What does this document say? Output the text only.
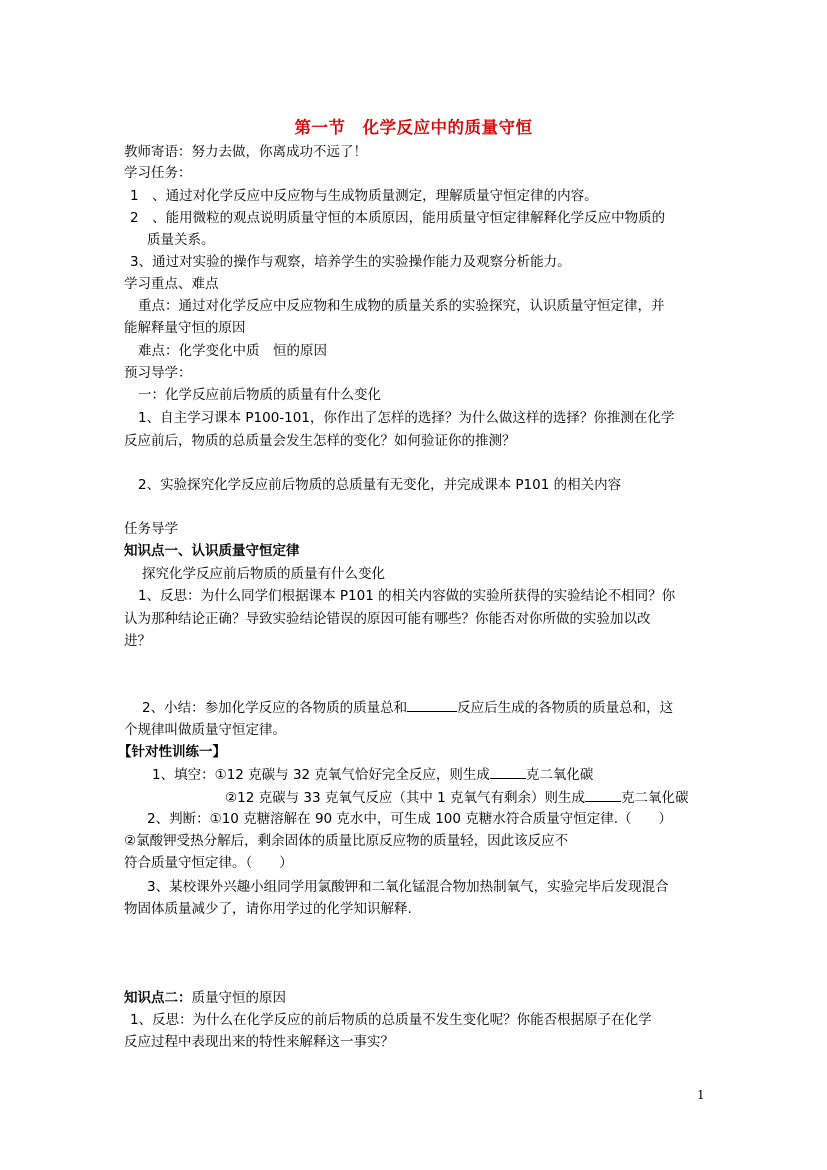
第一节　化学反应中的质量守恒
教师寄语：努力去做，你离成功不远了！
学习任务：
1　、通过对化学反应中反应物与生成物质量测定，理解质量守恒定律的内容。
2　、能用微粒的观点说明质量守恒的本质原因，能用质量守恒定律解释化学反应中物质的
质量关系。
3、通过对实验的操作与观察，培养学生的实验操作能力及观察分析能力。
学习重点、难点
重点：通过对化学反应中反应物和生成物的质量关系的实验探究，认识质量守恒定律，并
能解释量守恒的原因
难点：化学变化中质　恒的原因
预习导学：
一：化学反应前后物质的质量有什么变化
1、自主学习课本 P100-101，你作出了怎样的选择？为什么做这样的选择？你推测在化学
反应前后，物质的总质量会发生怎样的变化？如何验证你的推测？
2、实验探究化学反应前后物质的总质量有无变化，并完成课本 P101 的相关内容
任务导学
知识点一、认识质量守恒定律
探究化学反应前后物质的质量有什么变化
1、反思：为什么同学们根据课本 P101 的相关内容做的实验所获得的实验结论不相同？你
认为那种结论正确？导致实验结论错误的原因可能有哪些？你能否对你所做的实验加以改
进？
2、小结：参加化学反应的各物质的质量总和	反应后生成的各物质的质量总和，这
个规律叫做质量守恒定律。
【针对性训练一】
1、填空：①12 克碳与 32 克氧气恰好完全反应，则生成	克二氧化碳
②12 克碳与 33 克氧气反应（其中 1 克氧气有剩余）则生成	克二氧化碳
2、判断：①10 克糖溶解在 90 克水中，可生成 100 克糖水符合质量守恒定律.（　　）
②氯酸钾受热分解后，剩余固体的质量比原反应物的质量轻，因此该反应不
符合质量守恒定律。（　　）
3、某校课外兴趣小组同学用氯酸钾和二氧化锰混合物加热制氧气，实验完毕后发现混合
物固体质量减少了，请你用学过的化学知识解释.
知识点二：质量守恒的原因
1、反思：为什么在化学反应的前后物质的总质量不发生变化呢？你能否根据原子在化学
反应过程中表现出来的特性来解释这一事实？
1
